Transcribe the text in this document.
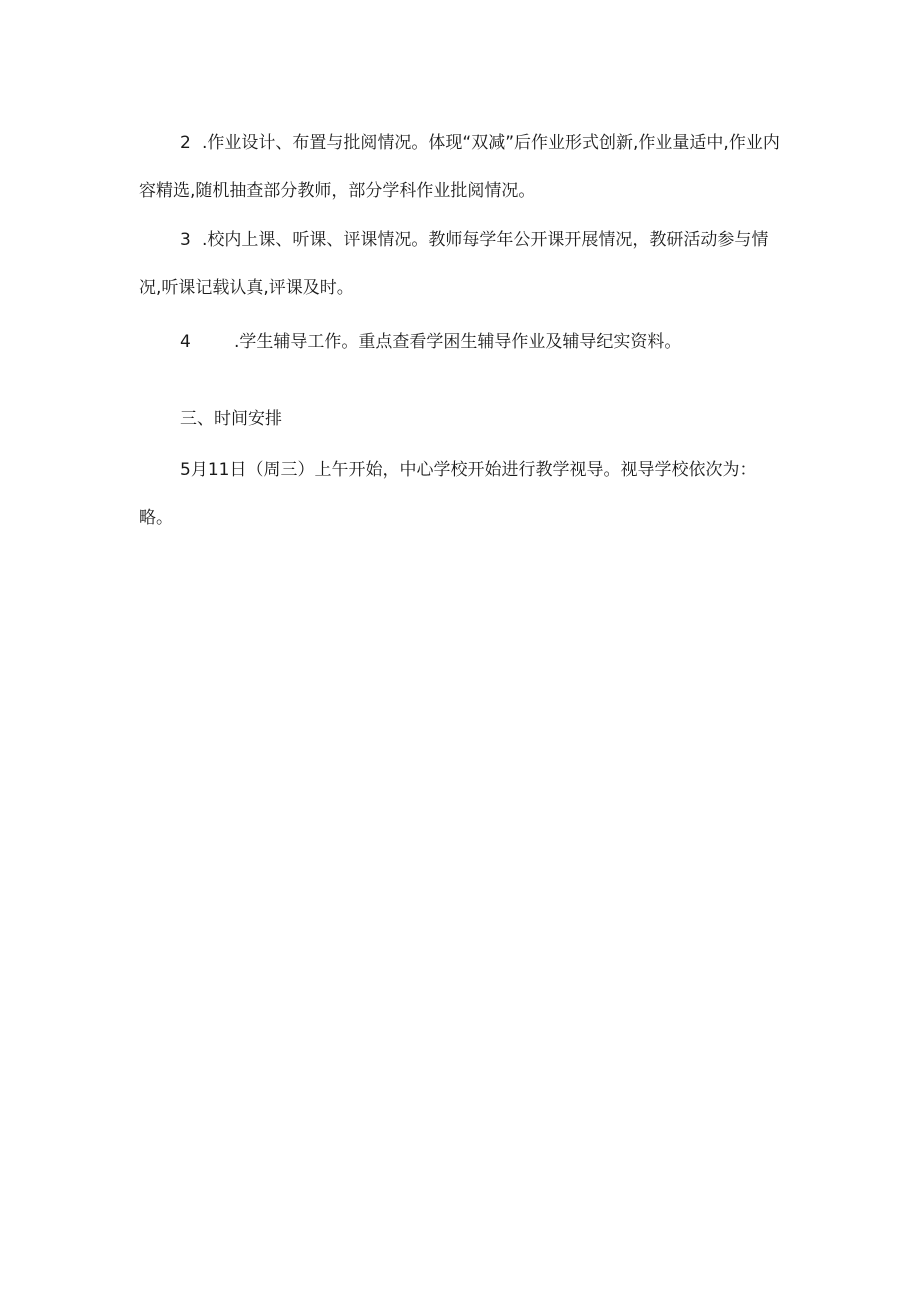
2 .作业设计、布置与批阅情况。体现“双减”后作业形式创新,作业量适中,作业内容精选,随机抽查部分教师，部分学科作业批阅情况。

3 .校内上课、听课、评课情况。教师每学年公开课开展情况，教研活动参与情况,听课记载认真,评课及时。

4	.学生辅导工作。重点查看学困生辅导作业及辅导纪实资料。

三、时间安排

5月11日（周三）上午开始，中心学校开始进行教学视导。视导学校依次为：略。
